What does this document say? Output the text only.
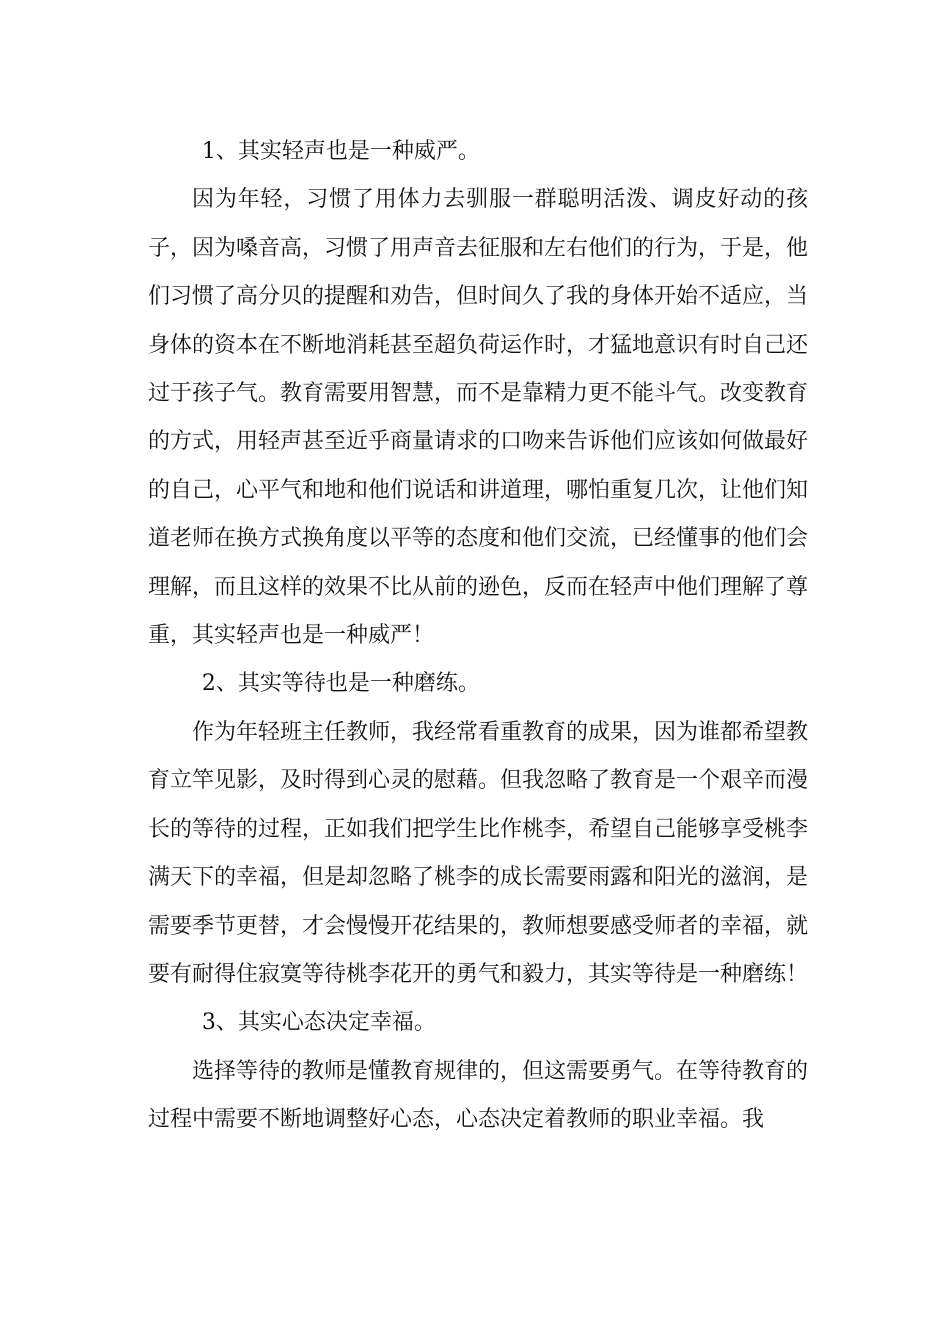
1、其实轻声也是一种威严。

因为年轻，习惯了用体力去驯服一群聪明活泼、调皮好动的孩子，因为嗓音高，习惯了用声音去征服和左右他们的行为，于是，他们习惯了高分贝的提醒和劝告，但时间久了我的身体开始不适应，当身体的资本在不断地消耗甚至超负荷运作时，才猛地意识有时自己还过于孩子气。教育需要用智慧，而不是靠精力更不能斗气。改变教育的方式，用轻声甚至近乎商量请求的口吻来告诉他们应该如何做最好的自己，心平气和地和他们说话和讲道理，哪怕重复几次，让他们知道老师在换方式换角度以平等的态度和他们交流，已经懂事的他们会理解，而且这样的效果不比从前的逊色，反而在轻声中他们理解了尊重，其实轻声也是一种威严！

2、其实等待也是一种磨练。

作为年轻班主任教师，我经常看重教育的成果，因为谁都希望教育立竿见影，及时得到心灵的慰藉。但我忽略了教育是一个艰辛而漫长的等待的过程，正如我们把学生比作桃李，希望自己能够享受桃李满天下的幸福，但是却忽略了桃李的成长需要雨露和阳光的滋润，是需要季节更替，才会慢慢开花结果的，教师想要感受师者的幸福，就要有耐得住寂寞等待桃李花开的勇气和毅力，其实等待是一种磨练！

3、其实心态决定幸福。

选择等待的教师是懂教育规律的，但这需要勇气。在等待教育的过程中需要不断地调整好心态，心态决定着教师的职业幸福。我
